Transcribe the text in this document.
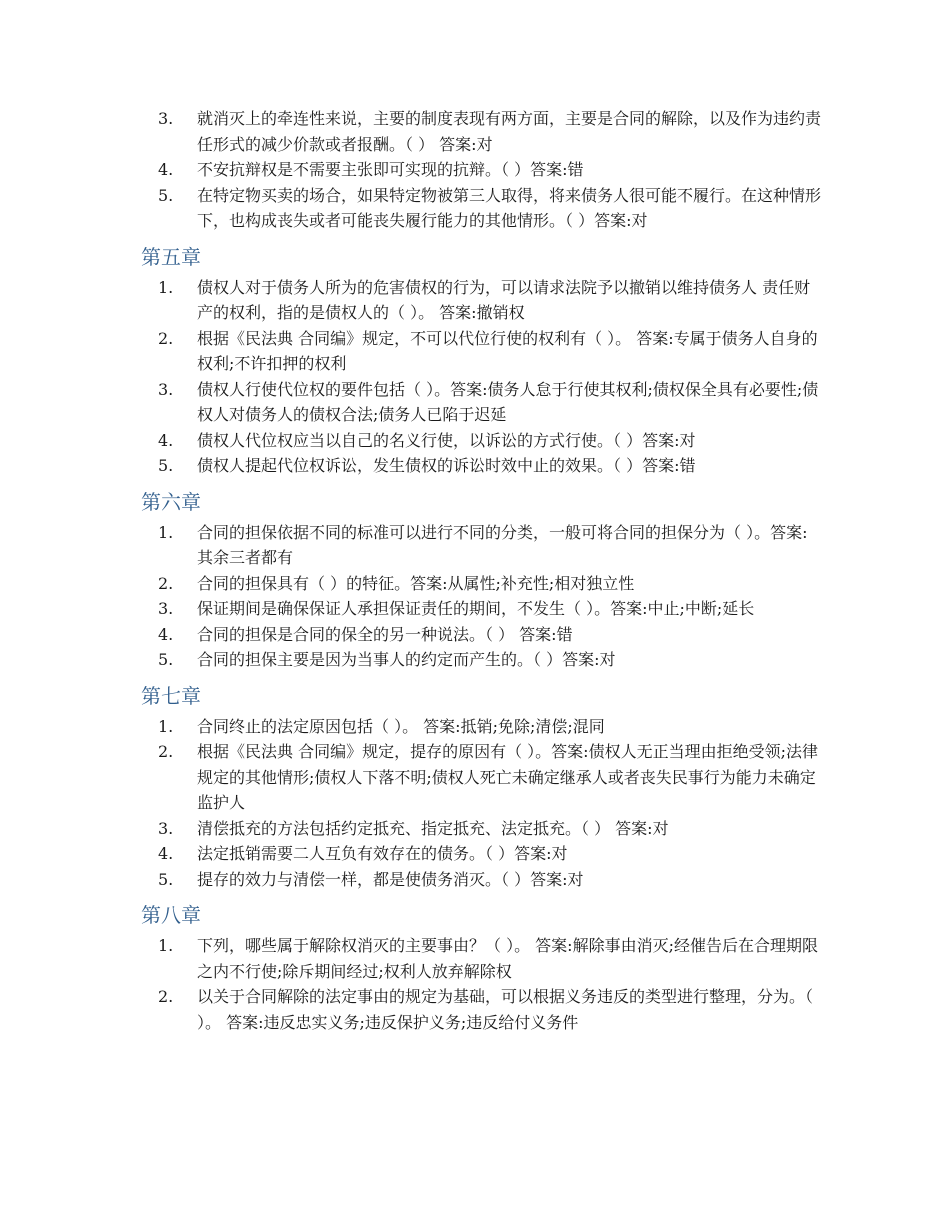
3.	就消灭上的牵连性来说，主要的制度表现有两方面，主要是合同的解除，以及作为违约责任形式的减少价款或者报酬。（ ） 答案:对
4.	不安抗辩权是不需要主张即可实现的抗辩。（ ）答案:错
5.	在特定物买卖的场合，如果特定物被第三人取得，将来债务人很可能不履行。在这种情形下，也构成丧失或者可能丧失履行能力的其他情形。（ ）答案:对
第五章
1.	债权人对于债务人所为的危害债权的行为，可以请求法院予以撤销以维持债务人 责任财产的权利，指的是债权人的（ ）。 答案:撤销权
2.	根据《民法典 合同编》规定，不可以代位行使的权利有（ ）。 答案:专属于债务人自身的权利;不许扣押的权利
3.	债权人行使代位权的要件包括（ ）。答案:债务人怠于行使其权利;债权保全具有必要性;债权人对债务人的债权合法;债务人已陷于迟延
4.	债权人代位权应当以自己的名义行使，以诉讼的方式行使。（ ）答案:对
5.	债权人提起代位权诉讼，发生债权的诉讼时效中止的效果。（ ）答案:错
第六章
1.	合同的担保依据不同的标准可以进行不同的分类，一般可将合同的担保分为（ ）。答案:其余三者都有
2.	合同的担保具有（ ）的特征。答案:从属性;补充性;相对独立性
3.	保证期间是确保保证人承担保证责任的期间，不发生（ ）。答案:中止;中断;延长
4.	合同的担保是合同的保全的另一种说法。（ ） 答案:错
5.	合同的担保主要是因为当事人的约定而产生的。（ ）答案:对
第七章
1.	合同终止的法定原因包括（ ）。 答案:抵销;免除;清偿;混同
2.	根据《民法典 合同编》规定，提存的原因有（ ）。答案:债权人无正当理由拒绝受领;法律规定的其他情形;债权人下落不明;债权人死亡未确定继承人或者丧失民事行为能力未确定监护人
3.	清偿抵充的方法包括约定抵充、指定抵充、法定抵充。（ ） 答案:对
4.	法定抵销需要二人互负有效存在的债务。（ ）答案:对
5.	提存的效力与清偿一样，都是使债务消灭。（ ）答案:对
第八章
1.	下列，哪些属于解除权消灭的主要事由？（ ）。 答案:解除事由消灭;经催告后在合理期限之内不行使;除斥期间经过;权利人放弃解除权
2.	以关于合同解除的法定事由的规定为基础，可以根据义务违反的类型进行整理，分为。（ ）。 答案:违反忠实义务;违反保护义务;违反给付义务件
